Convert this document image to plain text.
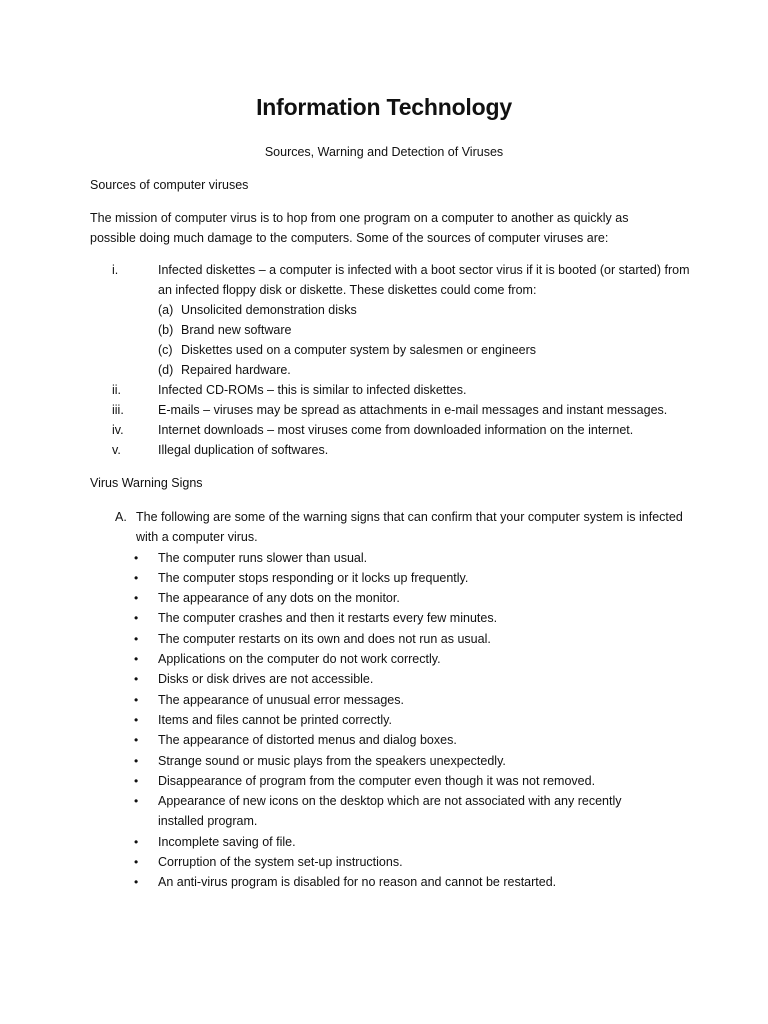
Information Technology

Sources, Warning and Detection of Viruses

Sources of computer viruses

The mission of computer virus is to hop from one program on a computer to another as quickly as possible doing much damage to the computers. Some of the sources of computer viruses are:

i.	Infected diskettes – a computer is infected with a boot sector virus if it is booted (or started) from an infected floppy disk or diskette. These diskettes could come from:
(a) Unsolicited demonstration disks
(b) Brand new software
(c) Diskettes used on a computer system by salesmen or engineers
(d) Repaired hardware.
ii.	Infected CD-ROMs – this is similar to infected diskettes.
iii.	E-mails – viruses may be spread as attachments in e-mail messages and instant messages.
iv.	Internet downloads – most viruses come from downloaded information on the internet.
v.	Illegal duplication of softwares.

Virus Warning Signs

A. The following are some of the warning signs that can confirm that your computer system is infected with a computer virus.
• The computer runs slower than usual.
• The computer stops responding or it locks up frequently.
• The appearance of any dots on the monitor.
• The computer crashes and then it restarts every few minutes.
• The computer restarts on its own and does not run as usual.
• Applications on the computer do not work correctly.
• Disks or disk drives are not accessible.
• The appearance of unusual error messages.
• Items and files cannot be printed correctly.
• The appearance of distorted menus and dialog boxes.
• Strange sound or music plays from the speakers unexpectedly.
• Disappearance of program from the computer even though it was not removed.
• Appearance of new icons on the desktop which are not associated with any recently installed program.
• Incomplete saving of file.
• Corruption of the system set-up instructions.
• An anti-virus program is disabled for no reason and cannot be restarted.
